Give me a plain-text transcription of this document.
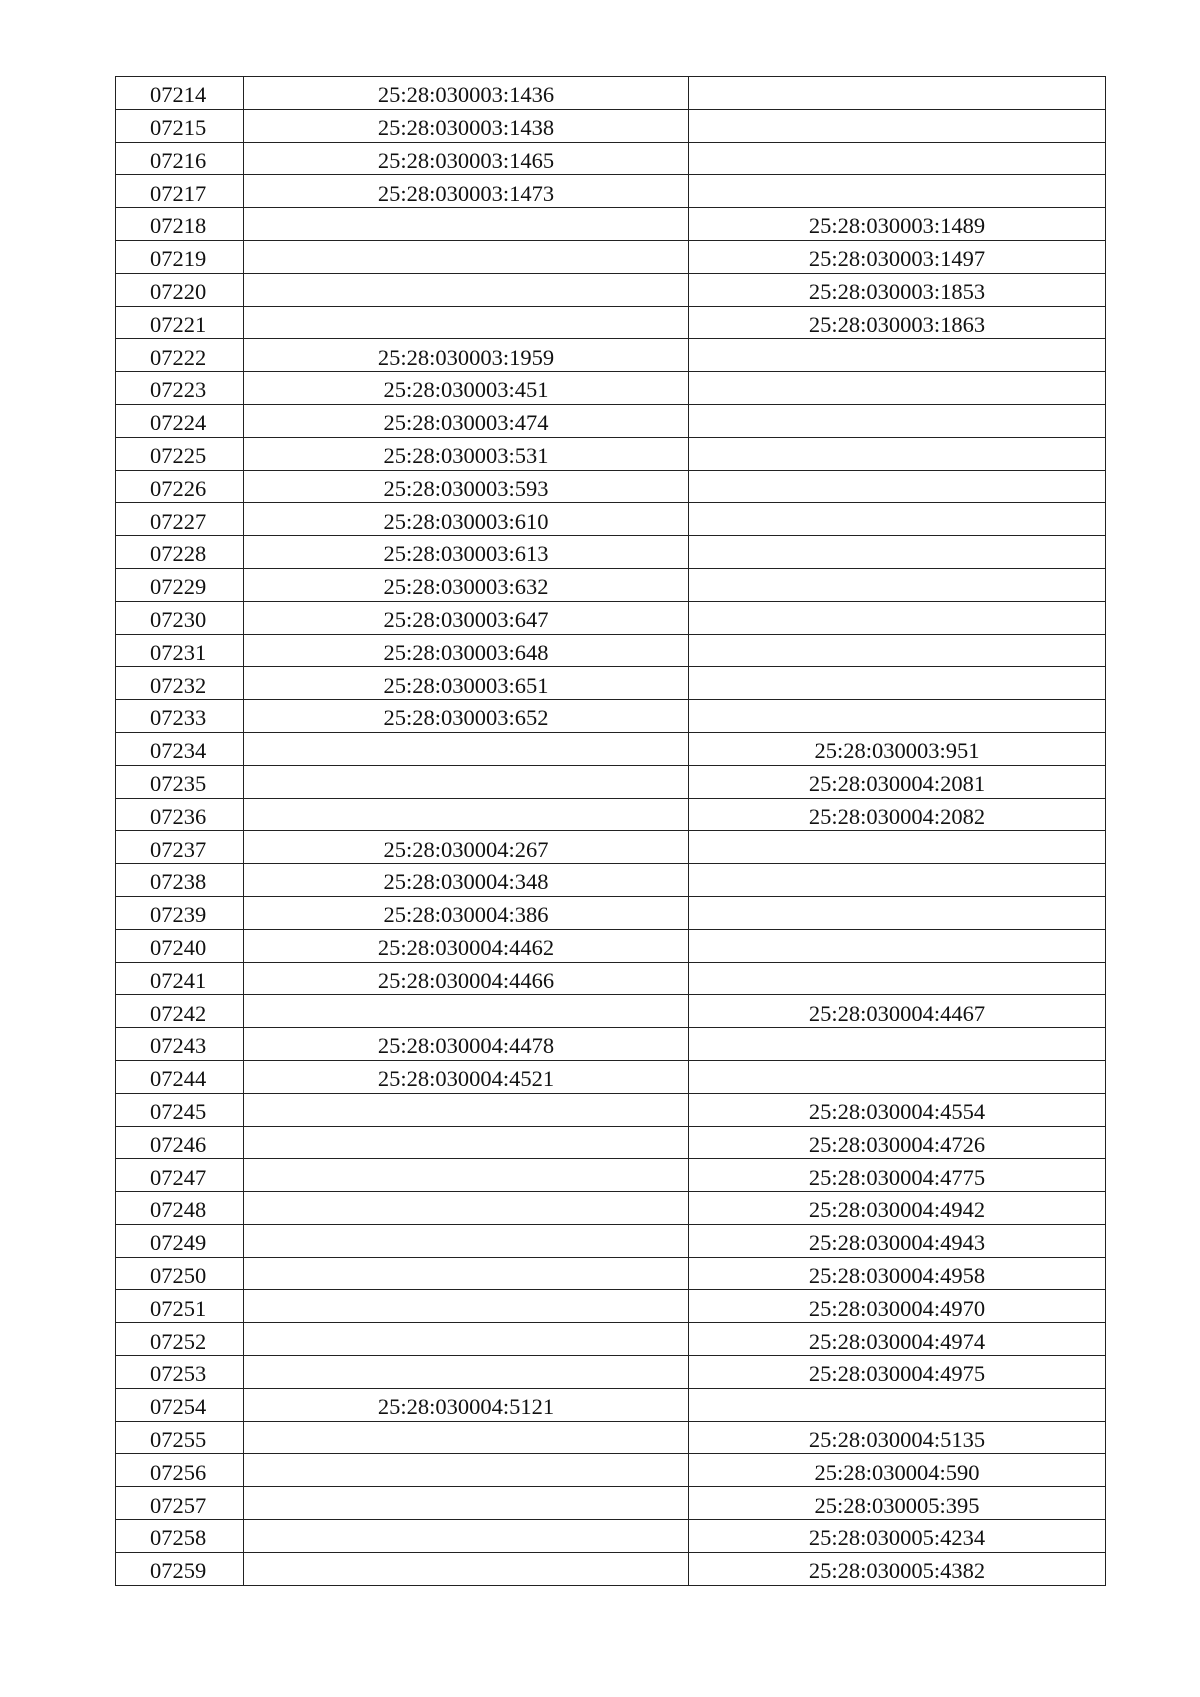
07214	25:28:030003:1436	
07215	25:28:030003:1438	
07216	25:28:030003:1465	
07217	25:28:030003:1473	
07218		25:28:030003:1489
07219		25:28:030003:1497
07220		25:28:030003:1853
07221		25:28:030003:1863
07222	25:28:030003:1959	
07223	25:28:030003:451	
07224	25:28:030003:474	
07225	25:28:030003:531	
07226	25:28:030003:593	
07227	25:28:030003:610	
07228	25:28:030003:613	
07229	25:28:030003:632	
07230	25:28:030003:647	
07231	25:28:030003:648	
07232	25:28:030003:651	
07233	25:28:030003:652	
07234		25:28:030003:951
07235		25:28:030004:2081
07236		25:28:030004:2082
07237	25:28:030004:267	
07238	25:28:030004:348	
07239	25:28:030004:386	
07240	25:28:030004:4462	
07241	25:28:030004:4466	
07242		25:28:030004:4467
07243	25:28:030004:4478	
07244	25:28:030004:4521	
07245		25:28:030004:4554
07246		25:28:030004:4726
07247		25:28:030004:4775
07248		25:28:030004:4942
07249		25:28:030004:4943
07250		25:28:030004:4958
07251		25:28:030004:4970
07252		25:28:030004:4974
07253		25:28:030004:4975
07254	25:28:030004:5121	
07255		25:28:030004:5135
07256		25:28:030004:590
07257		25:28:030005:395
07258		25:28:030005:4234
07259		25:28:030005:4382
